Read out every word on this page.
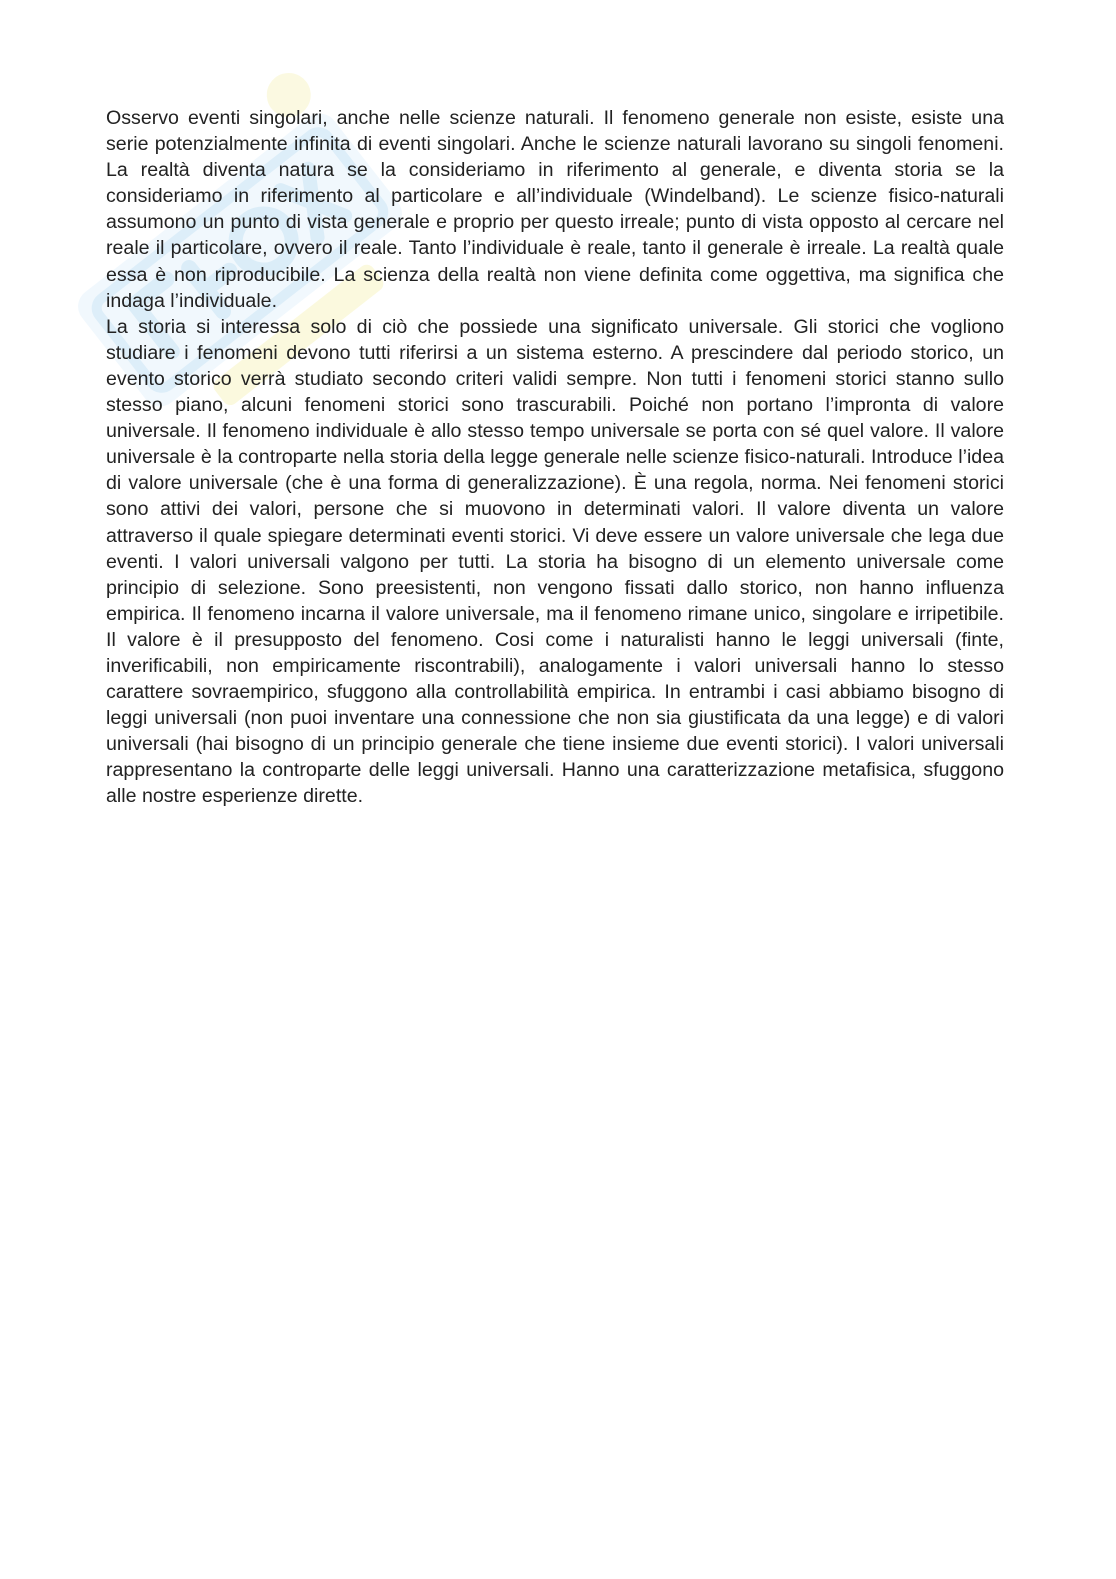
Osservo eventi singolari, anche nelle scienze naturali. Il fenomeno generale non esiste, esiste una serie potenzialmente infinita di eventi singolari. Anche le scienze naturali lavorano su singoli fenomeni. La realtà diventa natura se la consideriamo in riferimento al generale, e diventa storia se la consideriamo in riferimento al particolare e all’individuale (Windelband). Le scienze fisico-naturali assumono un punto di vista generale e proprio per questo irreale; punto di vista opposto al cercare nel reale il particolare, ovvero il reale. Tanto l’individuale è reale, tanto il generale è irreale. La realtà quale essa è non riproducibile. La scienza della realtà non viene definita come oggettiva, ma significa che indaga l’individuale.

La storia si interessa solo di ciò che possiede una significato universale. Gli storici che vogliono studiare i fenomeni devono tutti riferirsi a un sistema esterno. A prescindere dal periodo storico, un evento storico verrà studiato secondo criteri validi sempre. Non tutti i fenomeni storici stanno sullo stesso piano, alcuni fenomeni storici sono trascurabili. Poiché non portano l’impronta di valore universale. Il fenomeno individuale è allo stesso tempo universale se porta con sé quel valore. Il valore universale è la controparte nella storia della legge generale nelle scienze fisico-naturali. Introduce l’idea di valore universale (che è una forma di generalizzazione). È una regola, norma. Nei fenomeni storici sono attivi dei valori, persone che si muovono in determinati valori. Il valore diventa un valore attraverso il quale spiegare determinati eventi storici. Vi deve essere un valore universale che lega due eventi. I valori universali valgono per tutti. La storia ha bisogno di un elemento universale come principio di selezione. Sono preesistenti, non vengono fissati dallo storico, non hanno influenza empirica. Il fenomeno incarna il valore universale, ma il fenomeno rimane unico, singolare e irripetibile. Il valore è il presupposto del fenomeno. Cosi come i naturalisti hanno le leggi universali (finte, inverificabili, non empiricamente riscontrabili), analogamente i valori universali hanno lo stesso carattere sovraempirico, sfuggono alla controllabilità empirica. In entrambi i casi abbiamo bisogno di leggi universali (non puoi inventare una connessione che non sia giustificata da una legge) e di valori universali (hai bisogno di un principio generale che tiene insieme due eventi storici). I valori universali rappresentano la controparte delle leggi universali. Hanno una caratterizzazione metafisica, sfuggono alle nostre esperienze dirette.
